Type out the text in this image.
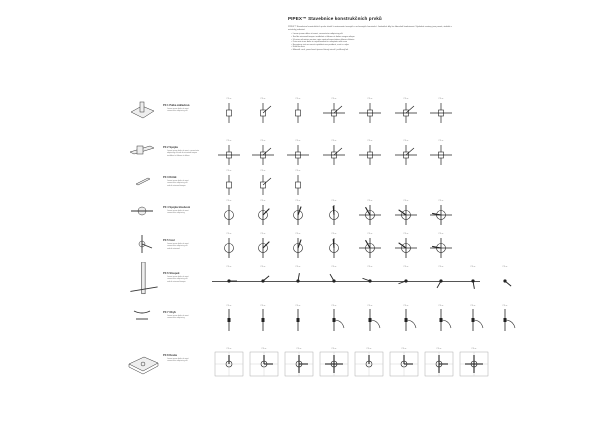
PIPEX™ Stavebnice konstrukčních prvků
PIPEX™ Stavebnice konstrukčních prvků slouží k sestavování nosných a ochranných konstrukcí. Jednotlivé díly lze libovolně kombinovat. Výsledné sestavy jsou pevné, stabilní a esteticky jednotné.
• Lorem ipsum dolor sit amet, consectetur adipiscing elit
• Sed do eiusmod tempor incididunt ut labore et dolore magna aliqua
• Ut enim ad minim veniam, quis nostrud exercitation ullamco laboris
• Duis aute irure dolor in reprehenderit in voluptate velit esse
• Excepteur sint occaecat cupidatat non proident, sunt in culpa
• Nulla facilisis
• Materiál: ocel, povrchová úprava žárový zinek / práškový lak
PX 1 Patka základová
Lorem ipsum dolor sit amet
consectetur adipiscing elit
PX xx	PX xx	PX xx	PX xx	PX xx	PX xx	PX xx
PX 2 Spojka
Lorem ipsum dolor sit amet, consectetur
adipiscing elit sed do eiusmod tempor
incididunt ut labore et dolore
PX xx	PX xx	PX xx	PX xx	PX xx	PX xx	PX xx
PX 3 Držák
Lorem ipsum dolor sit amet
consectetur adipiscing elit
sed do eiusmod tempor
PX xx	PX xx	PX xx
PX 4 Spojka kloubová
Lorem ipsum dolor sit amet
consectetur adipiscing
PX xx	PX xx	PX xx	PX xx	PX xx	PX xx	PX xx
PX 5 Uzel
Lorem ipsum dolor sit amet
consectetur adipiscing elit
sed do eiusmod
PX xx	PX xx	PX xx	PX xx	PX xx	PX xx	PX xx
PX 6 Sloupek
Lorem ipsum dolor sit amet
consectetur adipiscing elit
sed do eiusmod tempor
PX xx	PX xx	PX xx	PX xx	PX xx	PX xx	PX xx	PX xx	PX xx
PX 7 Ohyb
Lorem ipsum dolor sit amet
consectetur adipiscing
PX xx	PX xx	PX xx	PX xx	PX xx	PX xx	PX xx	PX xx	PX xx
PX 8 Deska
Lorem ipsum dolor sit amet
consectetur adipiscing elit
PX xx	PX xx	PX xx	PX xx	PX xx	PX xx	PX xx	PX xx
